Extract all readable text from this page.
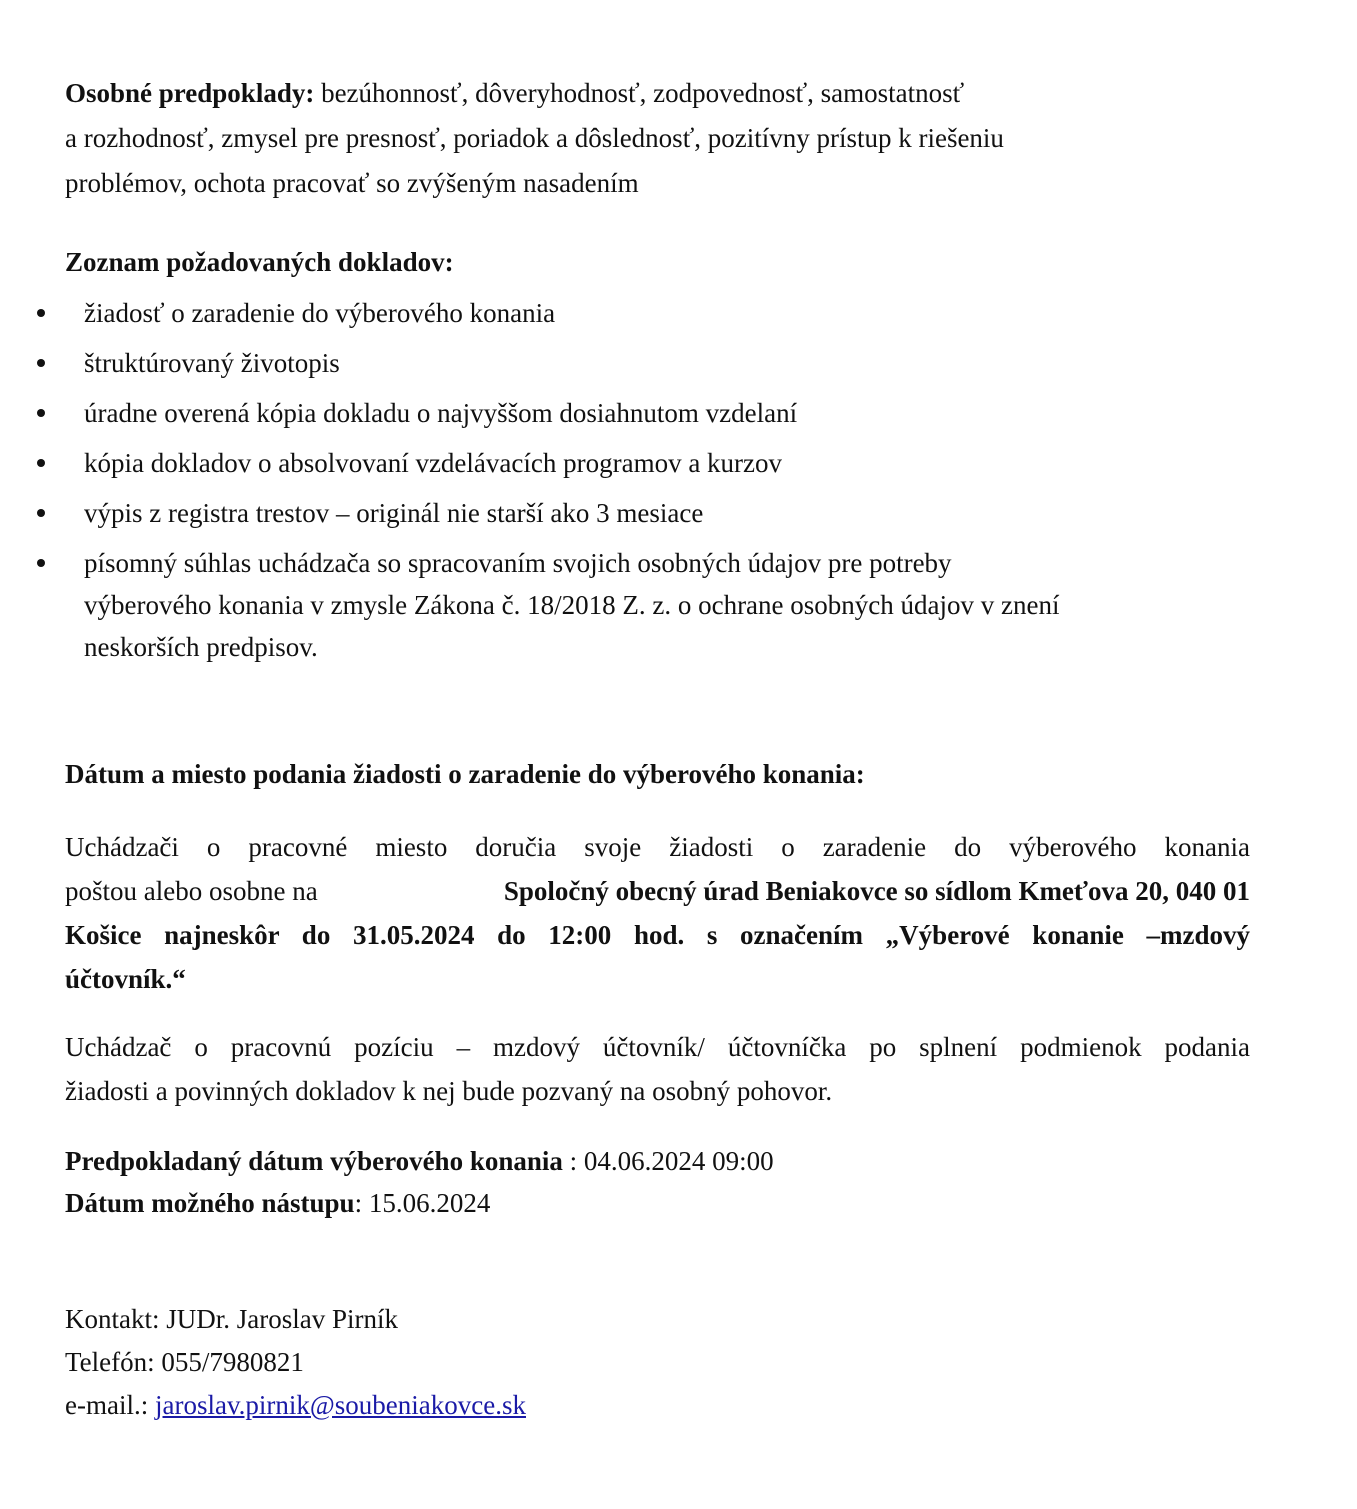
Osobné predpoklady: bezúhonnosť, dôveryhodnosť, zodpovednosť, samostatnosť
a rozhodnosť, zmysel pre presnosť, poriadok a dôslednosť, pozitívny prístup k riešeniu
problémov, ochota pracovať so zvýšeným nasadením
Zoznam požadovaných dokladov:
žiadosť o zaradenie do výberového konania
štruktúrovaný životopis
úradne overená kópia dokladu o najvyššom dosiahnutom vzdelaní
kópia dokladov o absolvovaní vzdelávacích programov a kurzov
výpis z registra trestov – originál nie starší ako 3 mesiace
písomný súhlas uchádzača so spracovaním svojich osobných údajov pre potreby
výberového konania v zmysle Zákona č. 18/2018 Z. z. o ochrane osobných údajov v znení
neskorších predpisov.
Dátum a miesto podania žiadosti o zaradenie do výberového konania:
Uchádzači o pracovné miesto doručia svoje žiadosti o zaradenie do výberového konania
poštou alebo osobne na	Spoločný obecný úrad Beniakovce so sídlom Kmeťova 20, 040 01
Košice najneskôr do 31.05.2024 do 12:00 hod. s označením „Výberové konanie –mzdový
účtovník.“
Uchádzač o pracovnú pozíciu – mzdový účtovník/ účtovníčka po splnení podmienok podania
žiadosti a povinných dokladov k nej bude pozvaný na osobný pohovor.
Predpokladaný dátum výberového konania : 04.06.2024 09:00
Dátum možného nástupu: 15.06.2024
Kontakt: JUDr. Jaroslav Pirník
Telefón: 055/7980821
e-mail.: jaroslav.pirnik@soubeniakovce.sk
